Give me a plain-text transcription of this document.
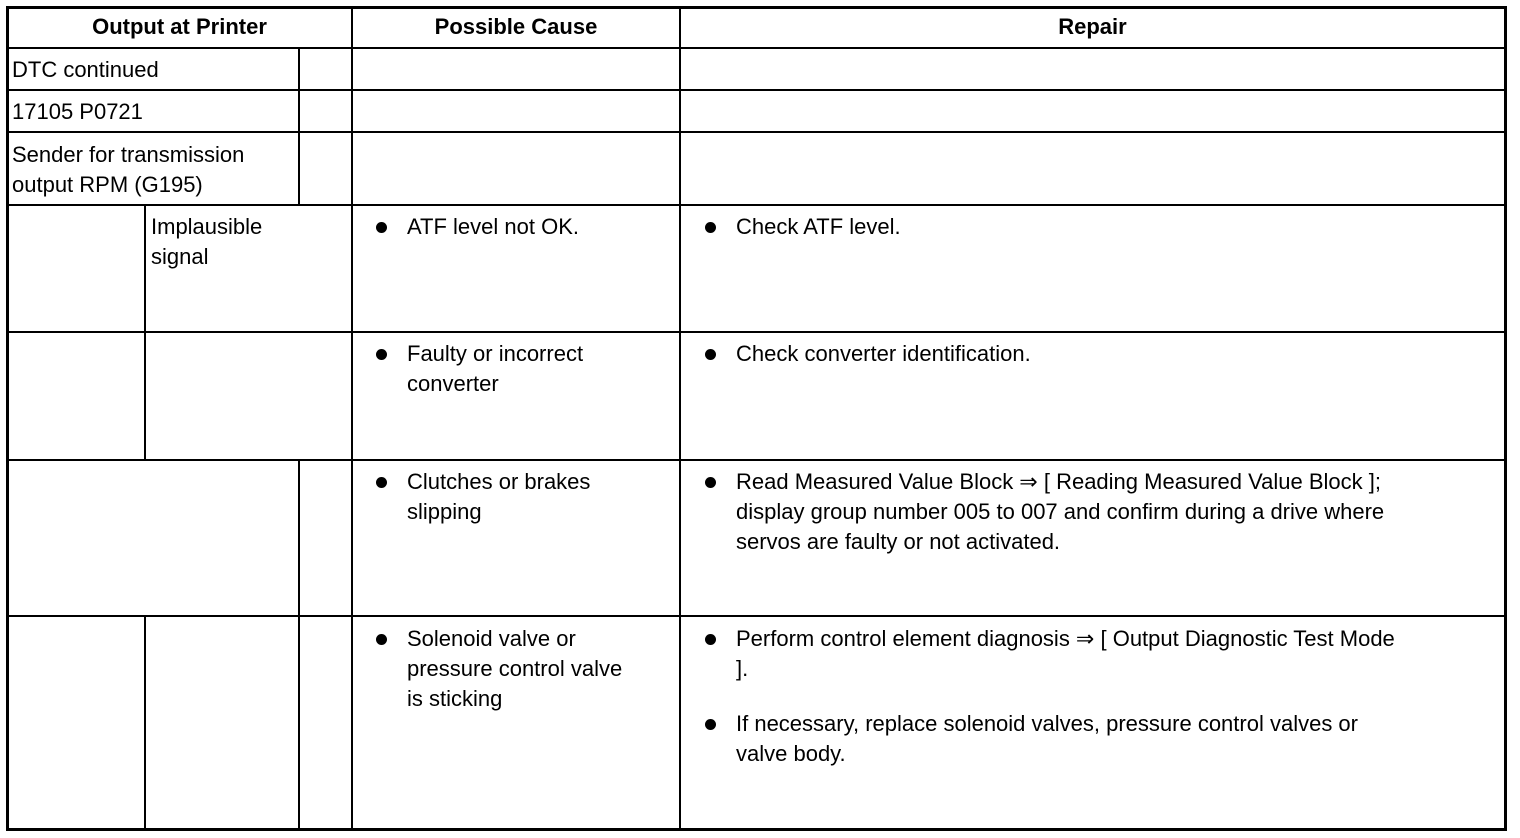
Output at Printer	Possible Cause	Repair
DTC continued
17105 P0721
Sender for transmission
output RPM (G195)
Implausible
signal
ATF level not OK.
Faulty or incorrect
converter
Clutches or brakes
slipping
Solenoid valve or
pressure control valve
is sticking
Check ATF level.
Check converter identification.
Read Measured Value Block ⇒ [ Reading Measured Value Block ];
display group number 005 to 007 and confirm during a drive where
servos are faulty or not activated.
Perform control element diagnosis ⇒ [ Output Diagnostic Test Mode
].
If necessary, replace solenoid valves, pressure control valves or
valve body.
